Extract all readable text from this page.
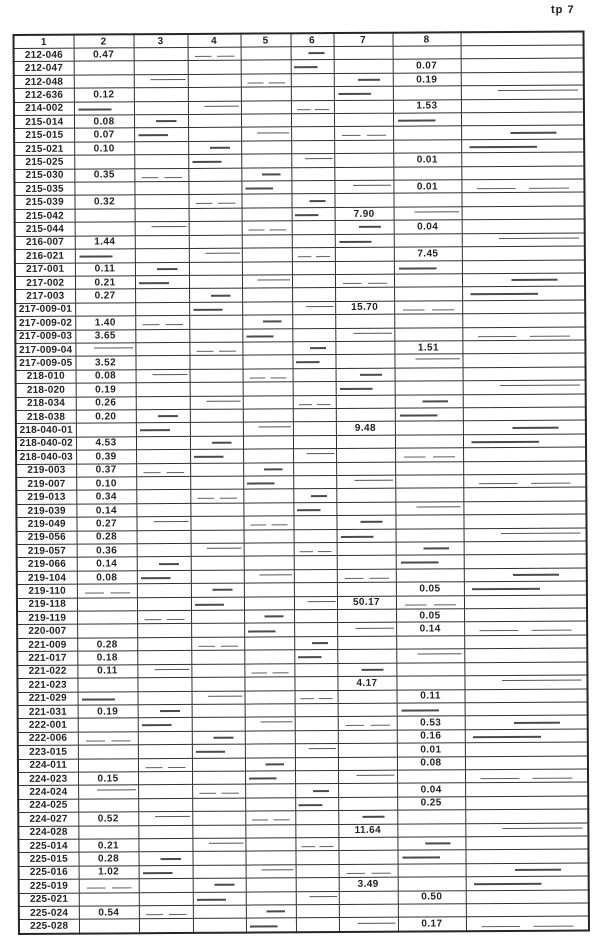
tp 7
1	2	3	4	5	6	7	8	
212-046	0.47							
212-047							0.07	
212-048							0.19	
212-636	0.12							
214-002							1.53	
215-014	0.08							
215-015	0.07							
215-021	0.10							
215-025							0.01	
215-030	0.35							
215-035							0.01	
215-039	0.32							
215-042						7.90		
215-044							0.04	
216-007	1.44							
216-021							7.45	
217-001	0.11							
217-002	0.21							
217-003	0.27							
217-009-01						15.70		
217-009-02	1.40							
217-009-03	3.65							
217-009-04							1.51	
217-009-05	3.52							
218-010	0.08							
218-020	0.19							
218-034	0.26							
218-038	0.20							
218-040-01						9.48		
218-040-02	4.53							
218-040-03	0.39							
219-003	0.37							
219-007	0.10							
219-013	0.34							
219-039	0.14							
219-049	0.27							
219-056	0.28							
219-057	0.36							
219-066	0.14							
219-104	0.08							
219-110							0.05	
219-118						50.17		
219-119							0.05	
220-007							0.14	
221-009	0.28							
221-017	0.18							
221-022	0.11							
221-023						4.17		
221-029							0.11	
221-031	0.19							
222-001							0.53	
222-006							0.16	
223-015							0.01	
224-011							0.08	
224-023	0.15							
224-024							0.04	
224-025							0.25	
224-027	0.52							
224-028						11.64		
225-014	0.21							
225-015	0.28							
225-016	1.02							
225-019						3.49		
225-021							0.50	
225-024	0.54							
225-028							0.17	
